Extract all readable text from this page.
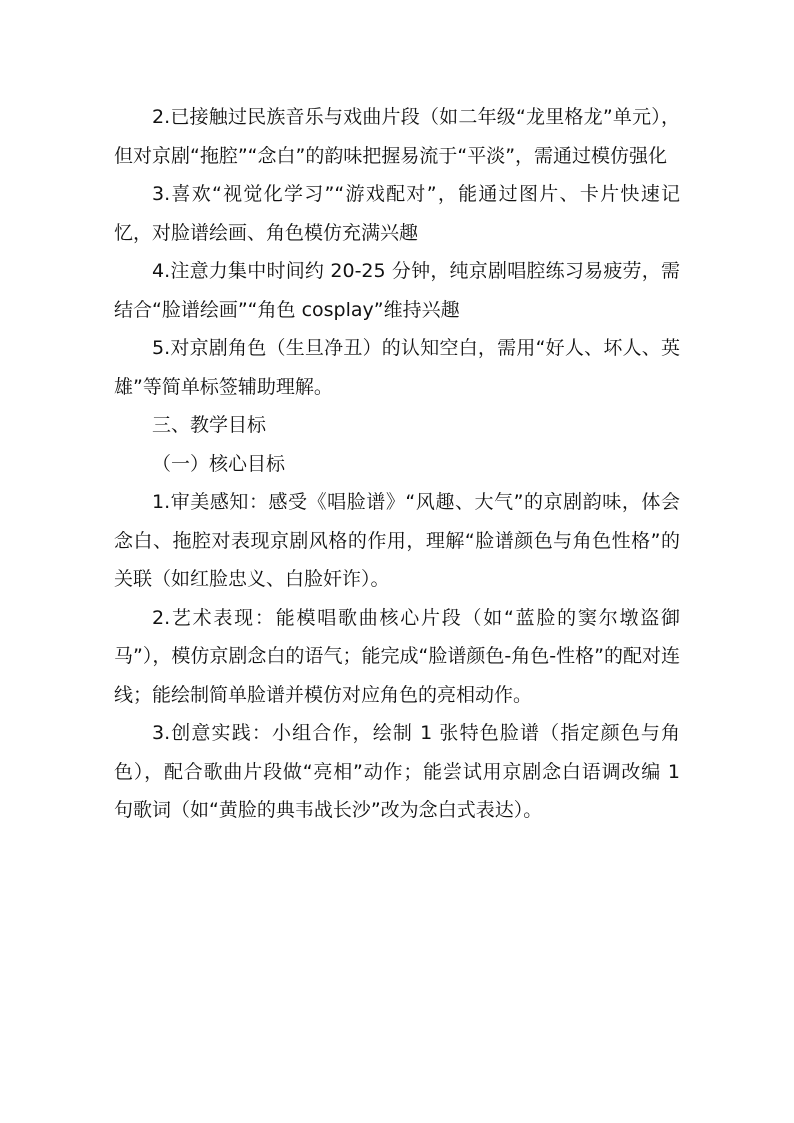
2.已接触过民族音乐与戏曲片段（如二年级“龙里格龙”单元），但对京剧“拖腔”“念白”的韵味把握易流于“平淡”，需通过模仿强化

3.喜欢“视觉化学习”“游戏配对”，能通过图片、卡片快速记忆，对脸谱绘画、角色模仿充满兴趣

4.注意力集中时间约 20-25 分钟，纯京剧唱腔练习易疲劳，需结合“脸谱绘画”“角色 cosplay”维持兴趣

5.对京剧角色（生旦净丑）的认知空白，需用“好人、坏人、英雄”等简单标签辅助理解。

三、教学目标

（一）核心目标

1.审美感知：感受《唱脸谱》“风趣、大气”的京剧韵味，体会念白、拖腔对表现京剧风格的作用，理解“脸谱颜色与角色性格”的关联（如红脸忠义、白脸奸诈）。

2.艺术表现：能模唱歌曲核心片段（如“蓝脸的窦尔墩盗御马”），模仿京剧念白的语气；能完成“脸谱颜色-角色-性格”的配对连线；能绘制简单脸谱并模仿对应角色的亮相动作。

3.创意实践：小组合作，绘制 1 张特色脸谱（指定颜色与角色），配合歌曲片段做“亮相”动作；能尝试用京剧念白语调改编 1 句歌词（如“黄脸的典韦战长沙”改为念白式表达）。
